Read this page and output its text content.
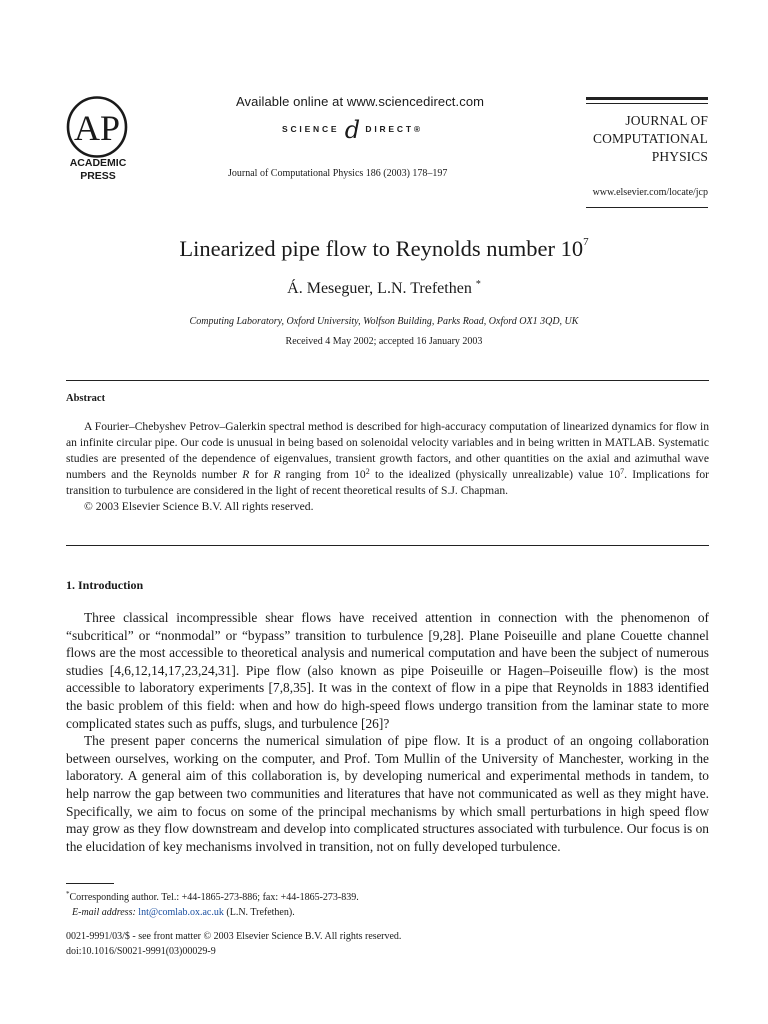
AP
ACADEMIC
PRESS
Available online at www.sciencedirect.com
SCIENCE d DIRECT®
Journal of Computational Physics 186 (2003) 178–197
JOURNAL OF
COMPUTATIONAL
PHYSICS
www.elsevier.com/locate/jcp
Linearized pipe flow to Reynolds number $10^7$
Á. Meseguer, L.N. Trefethen *
Computing Laboratory, Oxford University, Wolfson Building, Parks Road, Oxford OX1 3QD, UK
Received 4 May 2002; accepted 16 January 2003
Abstract

A Fourier–Chebyshev Petrov–Galerkin spectral method is described for high-accuracy computation of linearized dynamics for flow in an infinite circular pipe. Our code is unusual in being based on solenoidal velocity variables and in being written in MATLAB. Systematic studies are presented of the dependence of eigenvalues, transient growth factors, and other quantities on the axial and azimuthal wave numbers and the Reynolds number R for R ranging from $10^2$ to the idealized (physically unrealizable) value $10^7$. Implications for transition to turbulence are considered in the light of recent theoretical results of S.J. Chapman.

© 2003 Elsevier Science B.V. All rights reserved.

1. Introduction

Three classical incompressible shear flows have received attention in connection with the phenomenon of “subcritical” or “nonmodal” or “bypass” transition to turbulence [9,28]. Plane Poiseuille and plane Couette channel flows are the most accessible to theoretical analysis and numerical computation and have been the subject of numerous studies [4,6,12,14,17,23,24,31]. Pipe flow (also known as pipe Poiseuille or Hagen–Poiseuille flow) is the most accessible to laboratory experiments [7,8,35]. It was in the context of flow in a pipe that Reynolds in 1883 identified the basic problem of this field: when and how do high-speed flows undergo transition from the laminar state to more complicated states such as puffs, slugs, and turbulence [26]?

The present paper concerns the numerical simulation of pipe flow. It is a product of an ongoing collaboration between ourselves, working on the computer, and Prof. Tom Mullin of the University of Manchester, working in the laboratory. A general aim of this collaboration is, by developing numerical and experimental methods in tandem, to help narrow the gap between two communities and literatures that have not communicated as well as they might have. Specifically, we aim to focus on some of the principal mechanisms by which small perturbations in high speed flow may grow as they flow downstream and develop into complicated structures associated with turbulence. Our focus is on the elucidation of key mechanisms involved in transition, not on fully developed turbulence.

*Corresponding author. Tel.: +44-1865-273-886; fax: +44-1865-273-839.
E-mail address: lnt@comlab.ox.ac.uk (L.N. Trefethen).
0021-9991/03/$ - see front matter © 2003 Elsevier Science B.V. All rights reserved.
doi:10.1016/S0021-9991(03)00029-9
